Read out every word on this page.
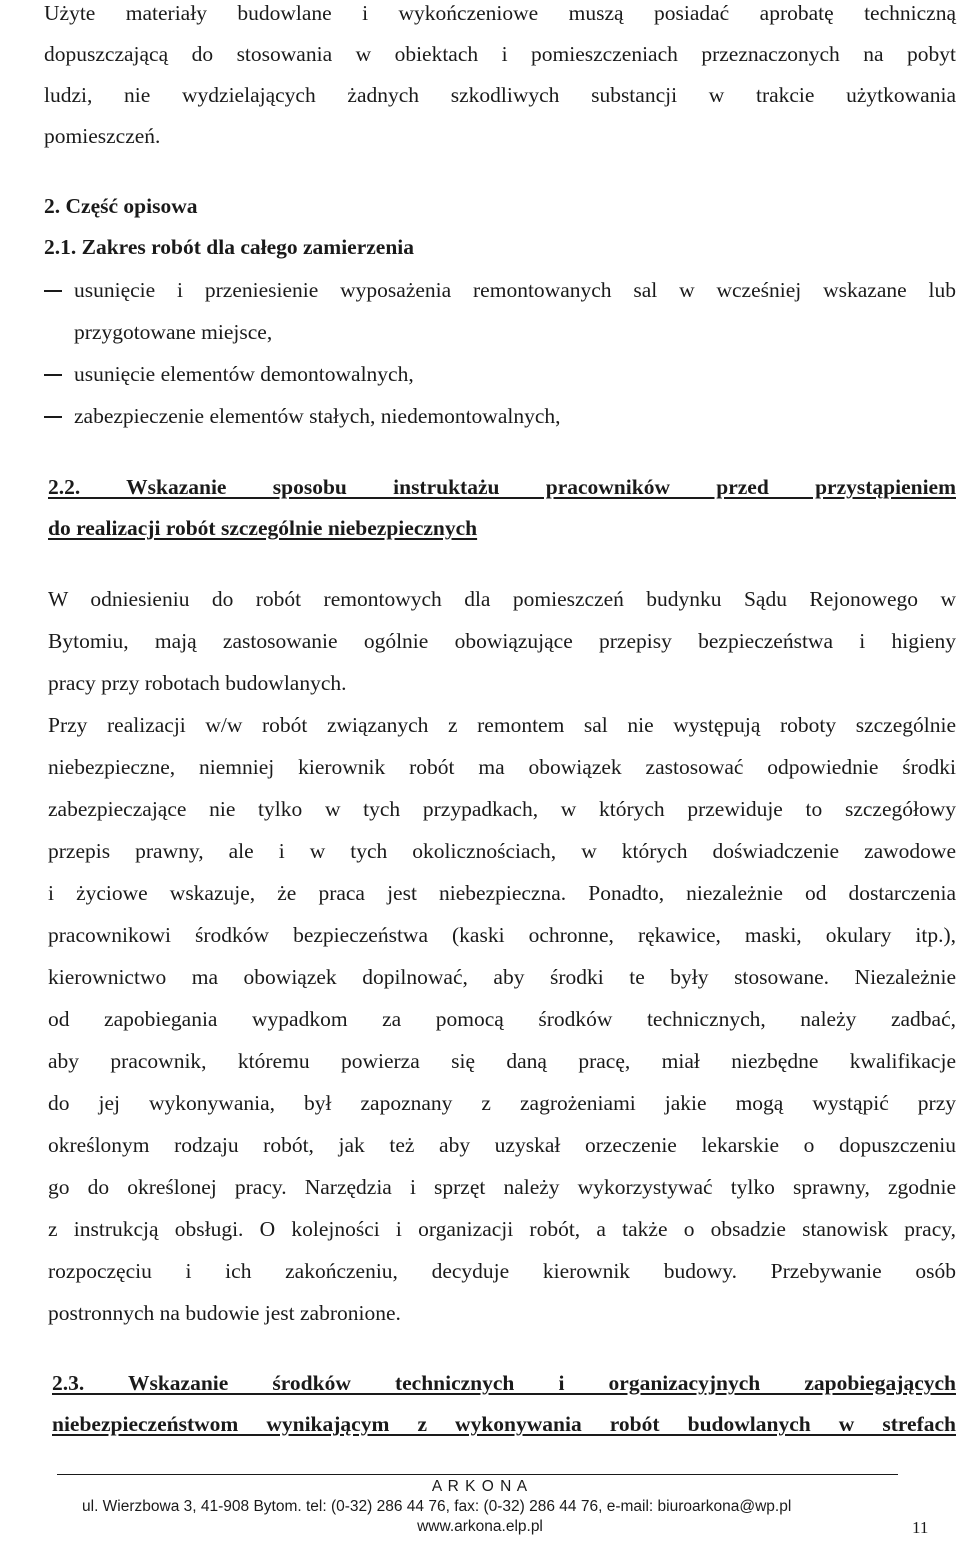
Użyte materiały budowlane i wykończeniowe muszą posiadać aprobatę techniczną
dopuszczającą do stosowania w obiektach i pomieszczeniach przeznaczonych na pobyt
ludzi, nie wydzielających żadnych szkodliwych substancji w trakcie użytkowania
pomieszczeń.
2. Część opisowa
2.1. Zakres robót dla całego zamierzenia
usunięcie i przeniesienie wyposażenia remontowanych sal w wcześniej wskazane lub
przygotowane miejsce,
usunięcie elementów demontowalnych,
zabezpieczenie elementów stałych, niedemontowalnych,
2.2. Wskazanie sposobu instruktażu pracowników przed przystąpieniem
do realizacji robót szczególnie niebezpiecznych
W odniesieniu do robót remontowych dla pomieszczeń budynku Sądu Rejonowego w
Bytomiu, mają zastosowanie ogólnie obowiązujące przepisy bezpieczeństwa i higieny
pracy przy robotach budowlanych.
Przy realizacji w/w robót związanych z remontem sal nie występują roboty szczególnie
niebezpieczne, niemniej kierownik robót ma obowiązek zastosować odpowiednie środki
zabezpieczające nie tylko w tych przypadkach, w których przewiduje to szczegółowy
przepis prawny, ale i w tych okolicznościach, w których doświadczenie zawodowe
i życiowe wskazuje, że praca jest niebezpieczna. Ponadto, niezależnie od dostarczenia
pracownikowi środków bezpieczeństwa (kaski ochronne, rękawice, maski, okulary itp.),
kierownictwo ma obowiązek dopilnować, aby środki te były stosowane. Niezależnie
od zapobiegania wypadkom za pomocą środków technicznych, należy zadbać,
aby pracownik, któremu powierza się daną pracę, miał niezbędne kwalifikacje
do jej wykonywania, był zapoznany z zagrożeniami jakie mogą wystąpić przy
określonym rodzaju robót, jak też aby uzyskał orzeczenie lekarskie o dopuszczeniu
go do określonej pracy. Narzędzia i sprzęt należy wykorzystywać tylko sprawny, zgodnie
z instrukcją obsługi. O kolejności i organizacji robót, a także o obsadzie stanowisk pracy,
rozpoczęciu i ich zakończeniu, decyduje kierownik budowy. Przebywanie osób
postronnych na budowie jest zabronione.
2.3. Wskazanie środków technicznych i organizacyjnych zapobiegających
niebezpieczeństwom wynikającym z wykonywania robót budowlanych w strefach
A R K O N A
ul. Wierzbowa 3, 41-908 Bytom. tel: (0-32) 286 44 76, fax: (0-32) 286 44 76, e-mail: biuroarkona@wp.pl
www.arkona.elp.pl	11
